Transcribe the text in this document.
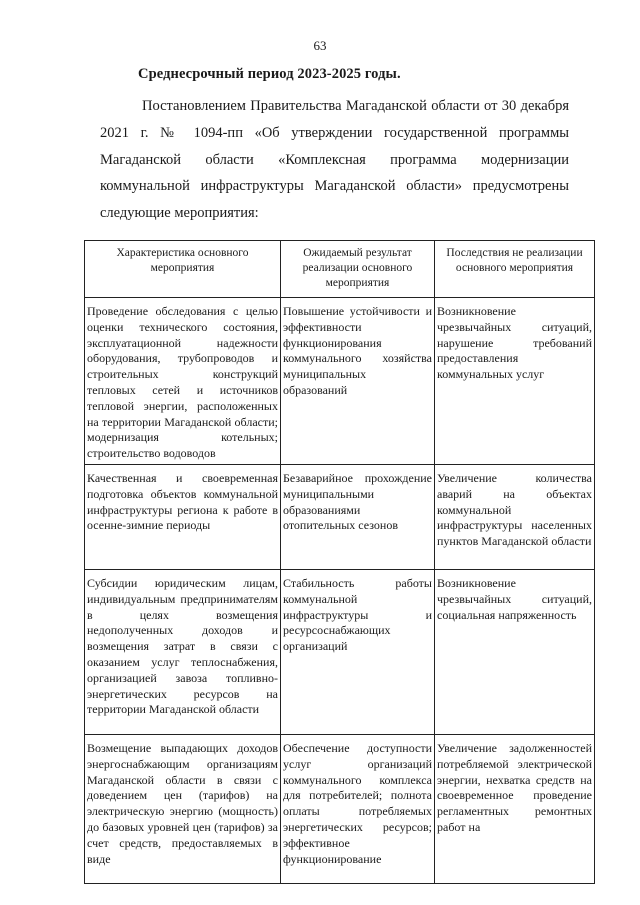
63
Среднесрочный период 2023-2025 годы.
Постановлением Правительства Магаданской области от 30 декабря 2021 г. № 1094-пп «Об утверждении государственной программы Магаданской области «Комплексная программа модернизации коммунальной инфраструктуры Магаданской области» предусмотрены следующие мероприятия:
Характеристика основного мероприятия	Ожидаемый результат реализации основного мероприятия	Последствия не реализации основного мероприятия
Проведение обследования с целью оценки технического состояния, эксплуатационной надежности оборудования, трубопроводов и строительных конструкций тепловых сетей и источников тепловой энергии, расположенных на территории Магаданской области; модернизация котельных; строительство водоводов	Повышение устойчивости и эффективности функционирования коммунального хозяйства муниципальных образований	Возникновение чрезвычайных ситуаций, нарушение требований предоставления коммунальных услуг
Качественная и своевременная подготовка объектов коммунальной инфраструктуры региона к работе в осенне-зимние периоды	Безаварийное прохождение муниципальными образованиями отопительных сезонов	Увеличение количества аварий на объектах коммунальной инфраструктуры населенных пунктов Магаданской области
Субсидии юридическим лицам, индивидуальным предпринимателям в целях возмещения недополученных доходов и возмещения затрат в связи с оказанием услуг теплоснабжения, организацией завоза топливно-энергетических ресурсов на территории Магаданской области	Стабильность работы коммунальной инфраструктуры и ресурсоснабжающих организаций	Возникновение чрезвычайных ситуаций, социальная напряженность
Возмещение выпадающих доходов энергоснабжающим организациям Магаданской области в связи с доведением цен (тарифов) на электрическую энергию (мощность) до базовых уровней цен (тарифов) за счет средств, предоставляемых в виде	Обеспечение доступности услуг организаций коммунального комплекса для потребителей; полнота оплаты потребляемых энергетических ресурсов; эффективное функционирование	Увеличение задолженностей потребляемой электрической энергии, нехватка средств на своевременное проведение регламентных ремонтных работ на
